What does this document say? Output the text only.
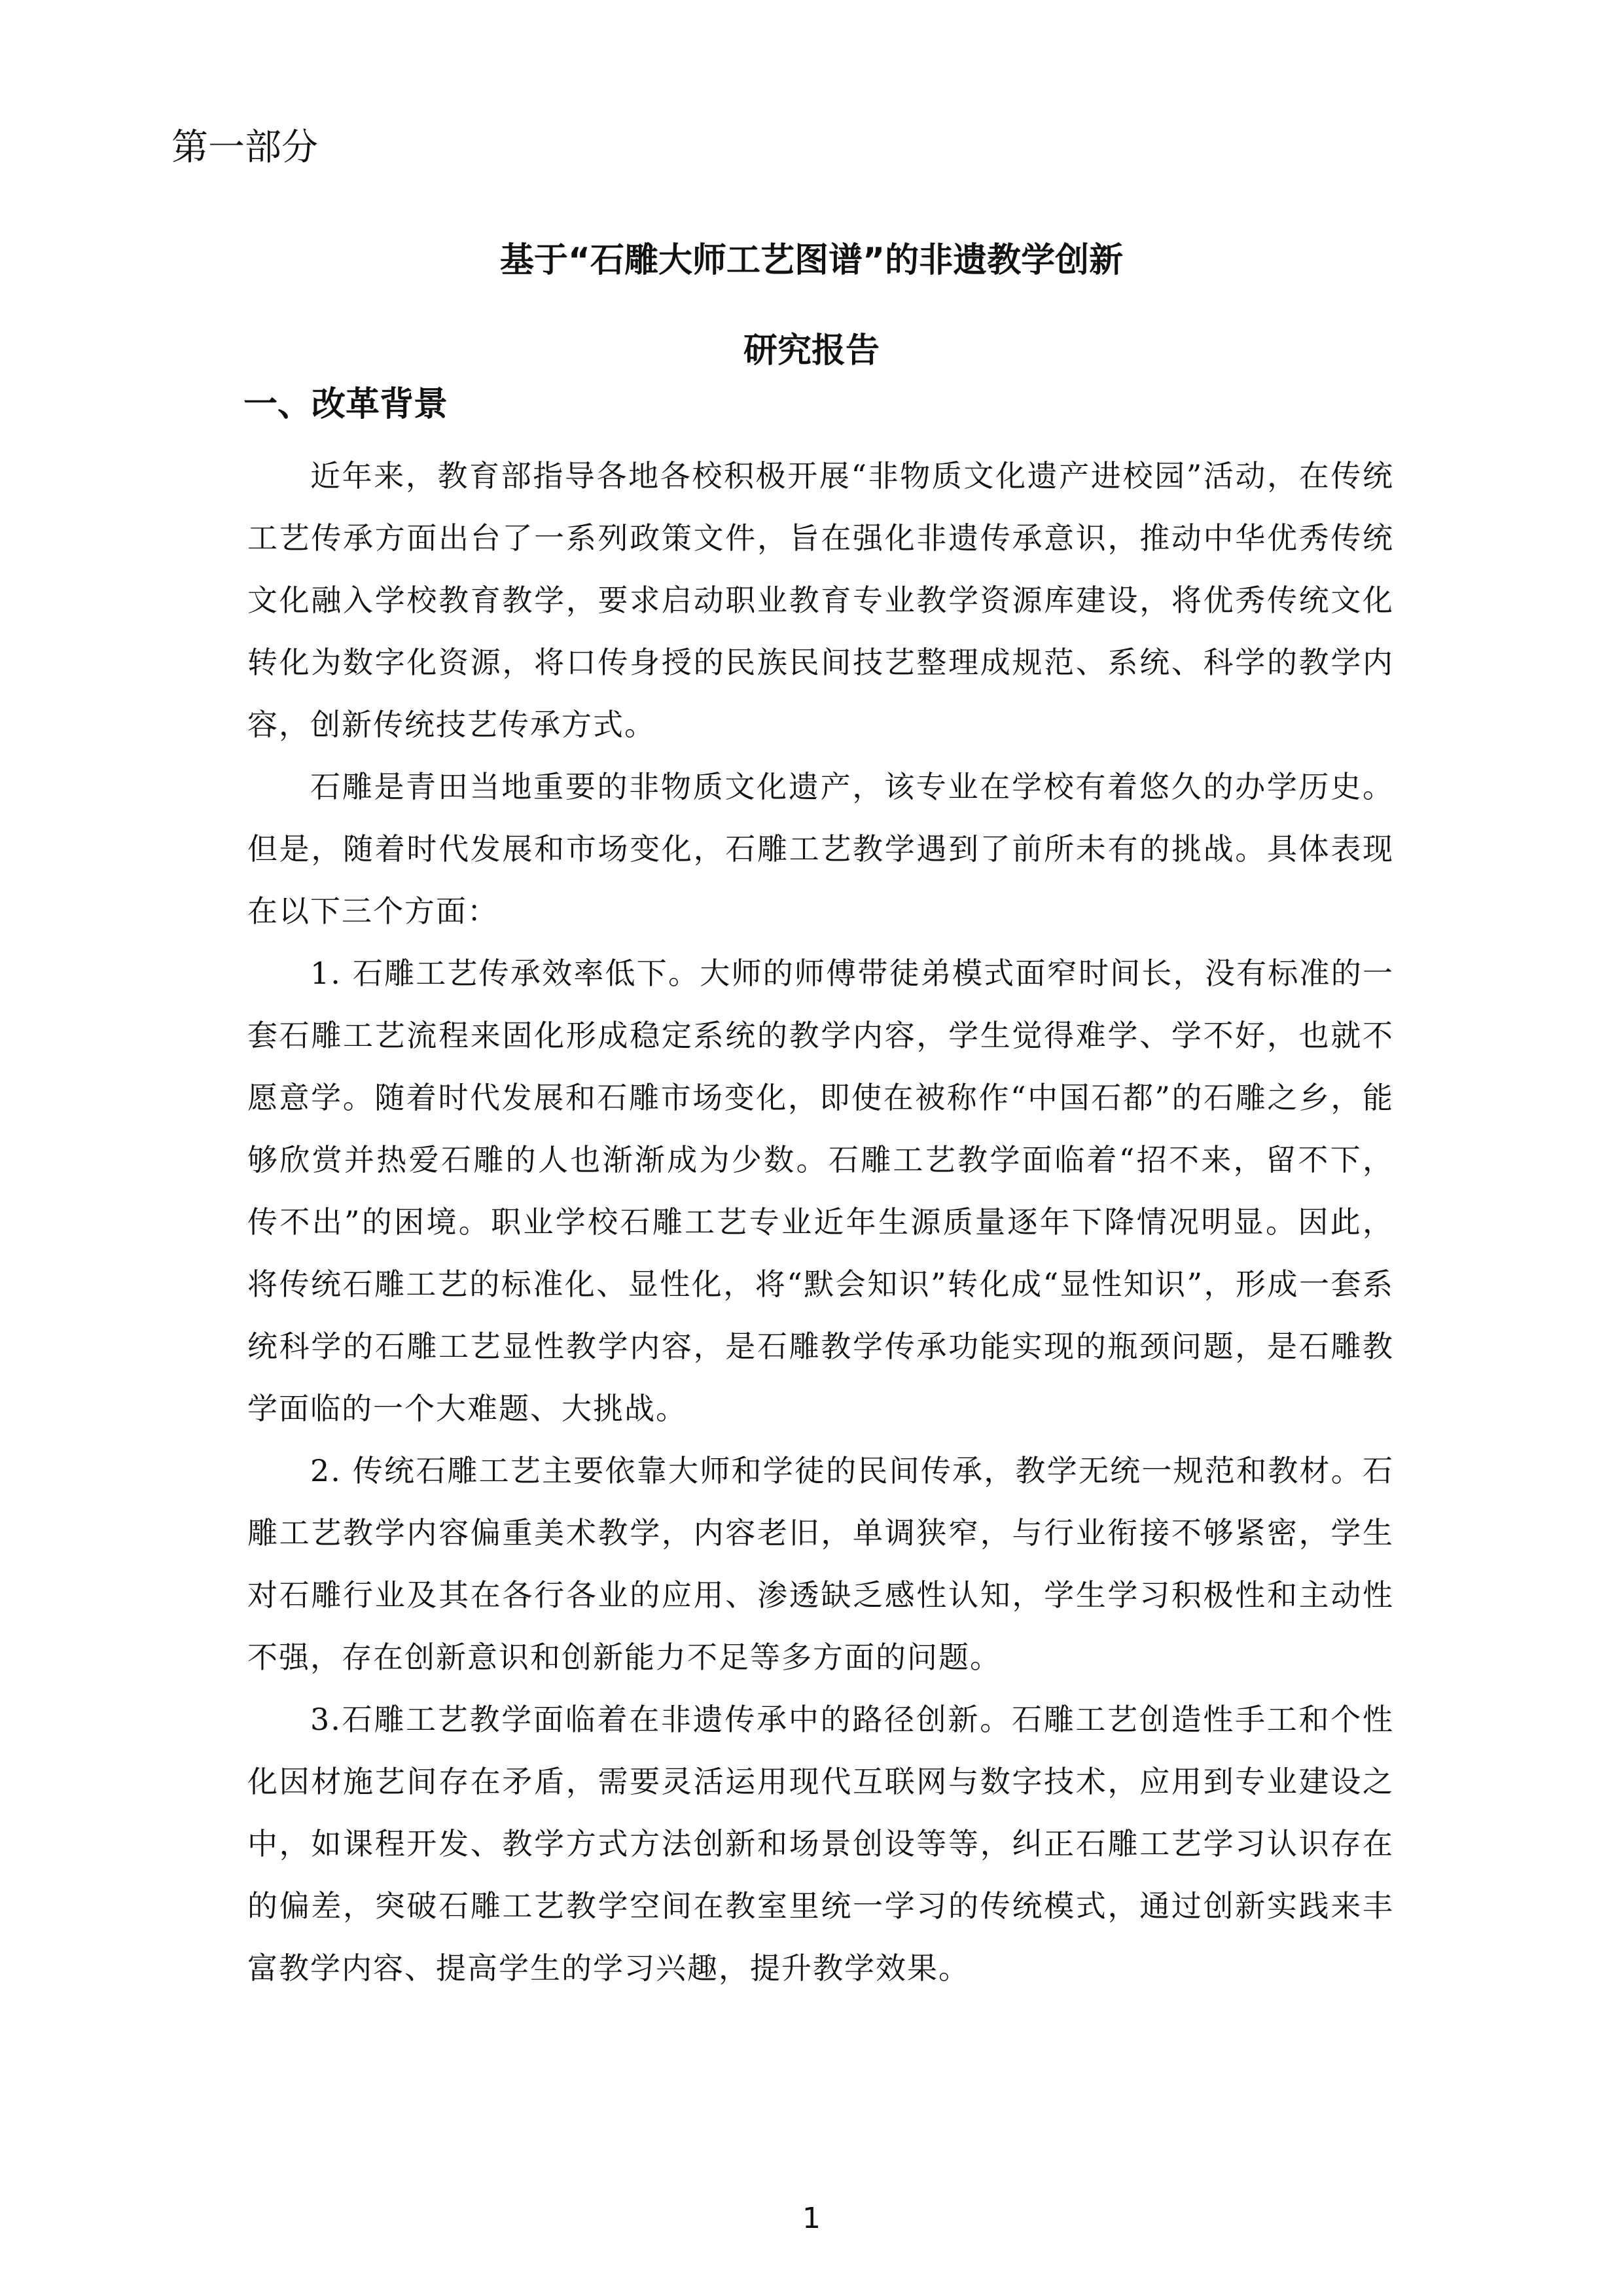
第一部分
基于“石雕大师工艺图谱”的非遗教学创新
研究报告
一、改革背景

近年来，教育部指导各地各校积极开展“非物质文化遗产进校园”活动，在传统工艺传承方面出台了一系列政策文件，旨在强化非遗传承意识，推动中华优秀传统文化融入学校教育教学，要求启动职业教育专业教学资源库建设，将优秀传统文化转化为数字化资源，将口传身授的民族民间技艺整理成规范、系统、科学的教学内容，创新传统技艺传承方式。

石雕是青田当地重要的非物质文化遗产，该专业在学校有着悠久的办学历史。但是，随着时代发展和市场变化，石雕工艺教学遇到了前所未有的挑战。具体表现在以下三个方面：

1. 石雕工艺传承效率低下。大师的师傅带徒弟模式面窄时间长，没有标准的一套石雕工艺流程来固化形成稳定系统的教学内容，学生觉得难学、学不好，也就不愿意学。随着时代发展和石雕市场变化，即使在被称作“中国石都”的石雕之乡，能够欣赏并热爱石雕的人也渐渐成为少数。石雕工艺教学面临着“招不来，留不下，传不出”的困境。职业学校石雕工艺专业近年生源质量逐年下降情况明显。因此，将传统石雕工艺的标准化、显性化，将“默会知识”转化成“显性知识”，形成一套系统科学的石雕工艺显性教学内容，是石雕教学传承功能实现的瓶颈问题，是石雕教学面临的一个大难题、大挑战。

2. 传统石雕工艺主要依靠大师和学徒的民间传承，教学无统一规范和教材。石雕工艺教学内容偏重美术教学，内容老旧，单调狭窄，与行业衔接不够紧密，学生对石雕行业及其在各行各业的应用、渗透缺乏感性认知，学生学习积极性和主动性不强，存在创新意识和创新能力不足等多方面的问题。

3.石雕工艺教学面临着在非遗传承中的路径创新。石雕工艺创造性手工和个性化因材施艺间存在矛盾，需要灵活运用现代互联网与数字技术，应用到专业建设之中，如课程开发、教学方式方法创新和场景创设等等，纠正石雕工艺学习认识存在的偏差，突破石雕工艺教学空间在教室里统一学习的传统模式，通过创新实践来丰富教学内容、提高学生的学习兴趣，提升教学效果。

1
